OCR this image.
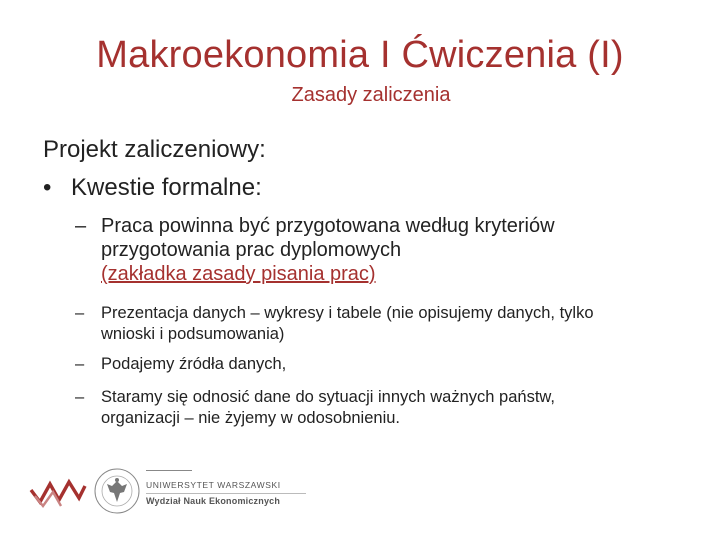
Makroekonomia I Ćwiczenia (I)
Zasady zaliczenia
Projekt zaliczeniowy:
• Kwestie formalne:
– Praca powinna być przygotowana według kryteriów
przygotowania prac dyplomowych
(zakładka zasady pisania prac)
– Prezentacja danych – wykresy i tabele (nie opisujemy danych, tylko
wnioski i podsumowania)
– Podajemy źródła danych,
– Staramy się odnosić dane do sytuacji innych ważnych państw,
organizacji – nie żyjemy w odosobnieniu.
UNIWERSYTET WARSZAWSKI
Wydział Nauk Ekonomicznych
